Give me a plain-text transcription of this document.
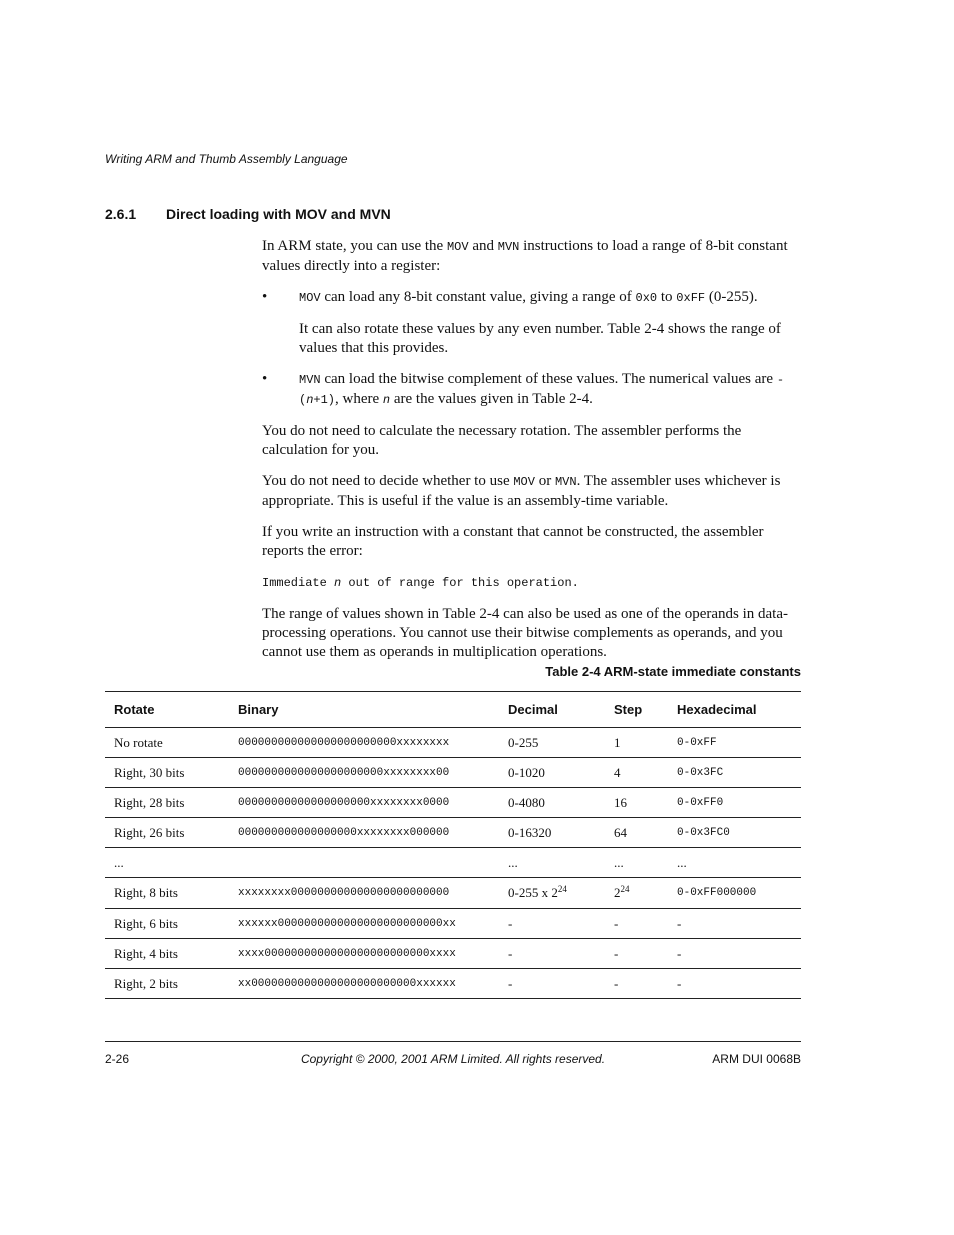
Writing ARM and Thumb Assembly Language
2.6.1 Direct loading with MOV and MVN

In ARM state, you can use the MOV and MVN instructions to load a range of 8-bit constant values directly into a register:

•	MOV can load any 8-bit constant value, giving a range of 0x0 to 0xFF (0-255).

It can also rotate these values by any even number. Table 2-4 shows the range of values that this provides.

•	MVN can load the bitwise complement of these values. The numerical values are -(n+1), where n are the values given in Table 2-4.

You do not need to calculate the necessary rotation. The assembler performs the calculation for you.

You do not need to decide whether to use MOV or MVN. The assembler uses whichever is appropriate. This is useful if the value is an assembly-time variable.

If you write an instruction with a constant that cannot be constructed, the assembler reports the error:

Immediate n out of range for this operation.

The range of values shown in Table 2-4 can also be used as one of the operands in data-processing operations. You cannot use their bitwise complements as operands, and you cannot use them as operands in multiplication operations.

Table 2-4 ARM-state immediate constants
Rotate	Binary	Decimal	Step	Hexadecimal
No rotate	000000000000000000000000xxxxxxxx	0-255	1	0-0xFF
Right, 30 bits	0000000000000000000000xxxxxxxx00	0-1020	4	0-0x3FC
Right, 28 bits	00000000000000000000xxxxxxxx0000	0-4080	16	0-0xFF0
Right, 26 bits	000000000000000000xxxxxxxx000000	0-16320	64	0-0x3FC0
...		...	...	...
Right, 8 bits	xxxxxxxx000000000000000000000000	0-255 x $2^{24}$	$2^{24}$	0-0xFF000000
Right, 6 bits	xxxxxx0000000000000000000000000xx	-	-	-
Right, 4 bits	xxxx0000000000000000000000000xxxx	-	-	-
Right, 2 bits	xx0000000000000000000000000xxxxxx	-	-	-
2-26	Copyright © 2000, 2001 ARM Limited. All rights reserved.	ARM DUI 0068B
